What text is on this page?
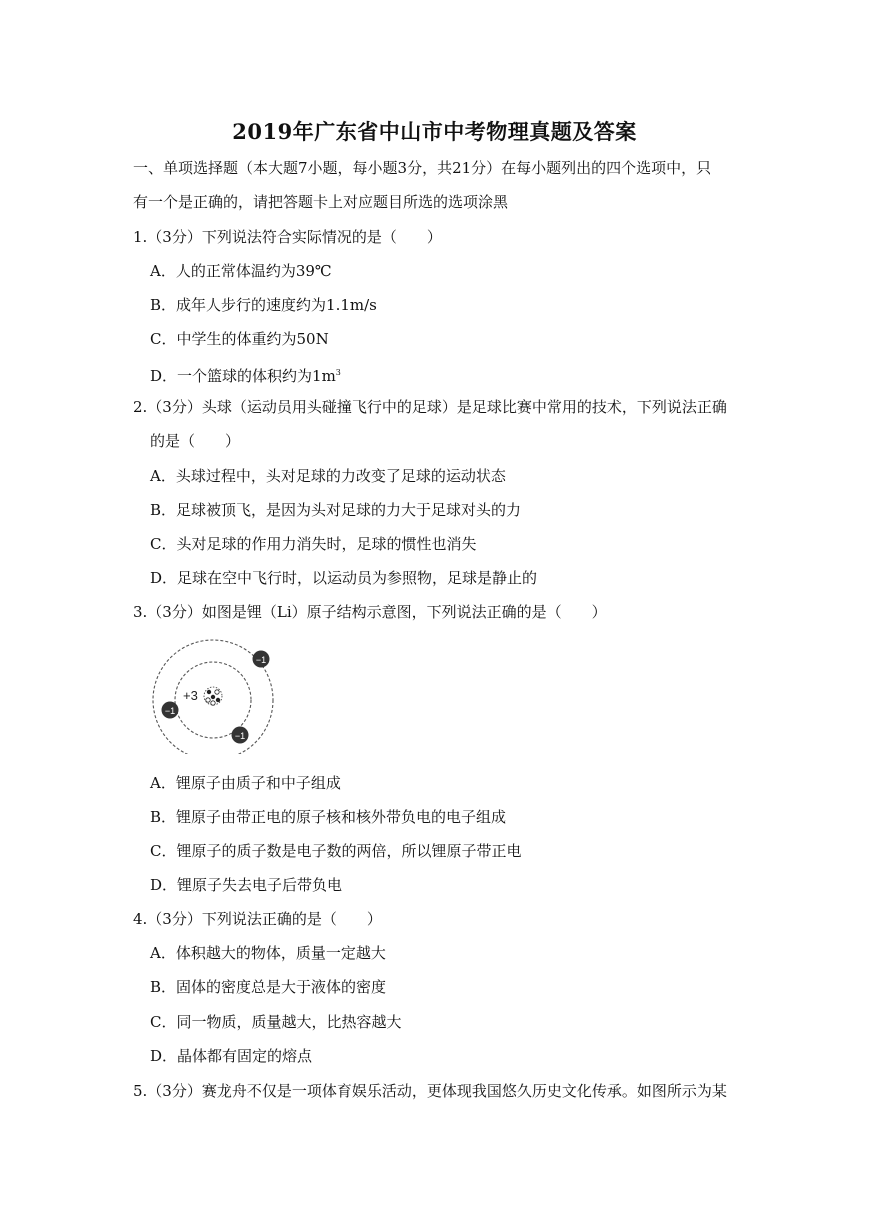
2019年广东省中山市中考物理真题及答案
一、单项选择题（本大题7小题，每小题3分，共21分）在每小题列出的四个选项中，只
有一个是正确的，请把答题卡上对应题目所选的选项涂黑
1.（3分）下列说法符合实际情况的是（　　）
A．人的正常体温约为39℃
B．成年人步行的速度约为1.1m/s
C．中学生的体重约为50N
D．一个篮球的体积约为$1m^3$
2.（3分）头球（运动员用头碰撞飞行中的足球）是足球比赛中常用的技术，下列说法正确
的是（　　）
A．头球过程中，头对足球的力改变了足球的运动状态
B．足球被顶飞，是因为头对足球的力大于足球对头的力
C．头对足球的作用力消失时，足球的惯性也消失
D．足球在空中飞行时，以运动员为参照物，足球是静止的
3.（3分）如图是锂（Li）原子结构示意图，下列说法正确的是（　　）
+3
−1
−1
−1
A．锂原子由质子和中子组成
B．锂原子由带正电的原子核和核外带负电的电子组成
C．锂原子的质子数是电子数的两倍，所以锂原子带正电
D．锂原子失去电子后带负电
4.（3分）下列说法正确的是（　　）
A．体积越大的物体，质量一定越大
B．固体的密度总是大于液体的密度
C．同一物质，质量越大，比热容越大
D．晶体都有固定的熔点
5.（3分）赛龙舟不仅是一项体育娱乐活动，更体现我国悠久历史文化传承。如图所示为某
